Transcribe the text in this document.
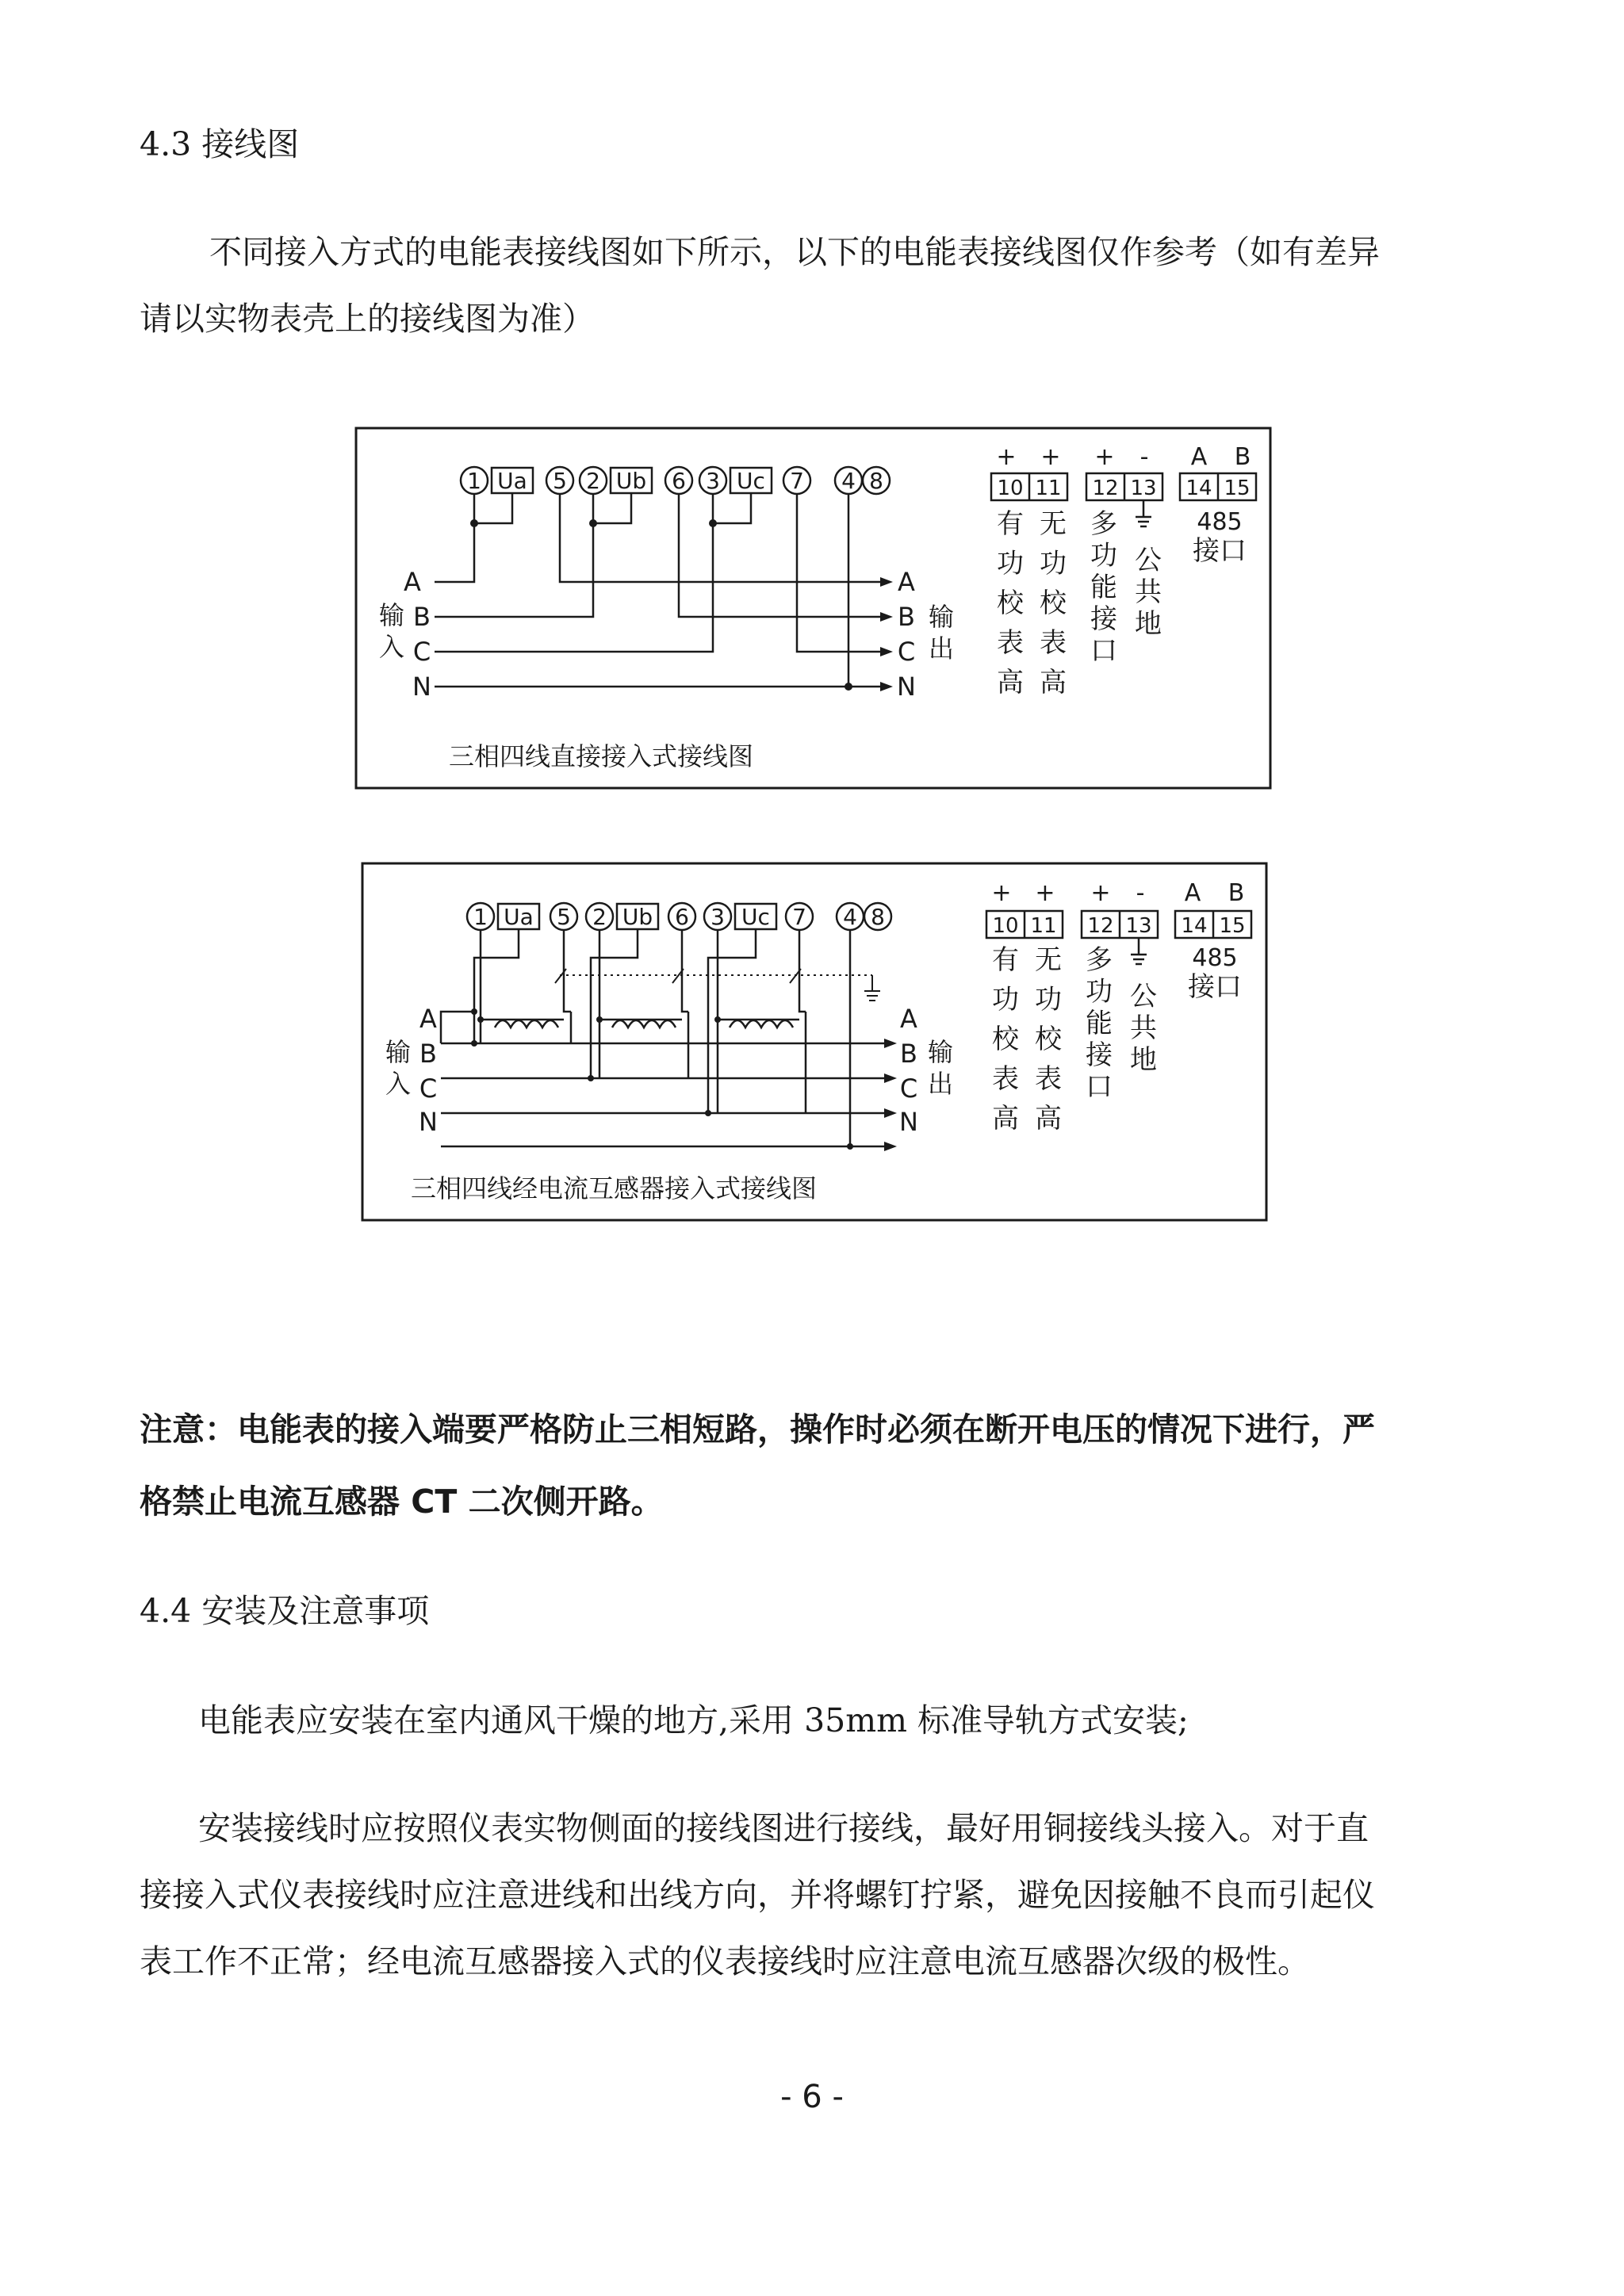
4.3 接线图
不同接入方式的电能表接线图如下所示，以下的电能表接线图仅作参考（如有差异
请以实物表壳上的接线图为准）
1 Ua 5 2 Ub 6 3 Uc 7 4 8
A
B
C
N
A
B
C
N
输
入
输
出
三相四线直接接入式接线图
+ + + - A B
10 11 12 13 14 15
有
功
校
表
高
无
功
校
表
高
多
功
能
接
口
公
共
地
485
接口
1 Ua 5 2 Ub 6 3 Uc 7 4 8
A
B
C
N
A
B
C
N
输
入
输
出
三相四线经电流互感器接入式接线图
+ + + - A B
10 11 12 13 14 15
有
功
校
表
高
无
功
校
表
高
多
功
能
接
口
公
共
地
485
接口
注意：电能表的接入端要严格防止三相短路，操作时必须在断开电压的情况下进行，严
格禁止电流互感器 CT 二次侧开路。
4.4 安装及注意事项
电能表应安装在室内通风干燥的地方,采用 35mm 标准导轨方式安装;
安装接线时应按照仪表实物侧面的接线图进行接线，最好用铜接线头接入。对于直
接接入式仪表接线时应注意进线和出线方向，并将螺钉拧紧，避免因接触不良而引起仪
表工作不正常；经电流互感器接入式的仪表接线时应注意电流互感器次级的极性。
- 6 -
